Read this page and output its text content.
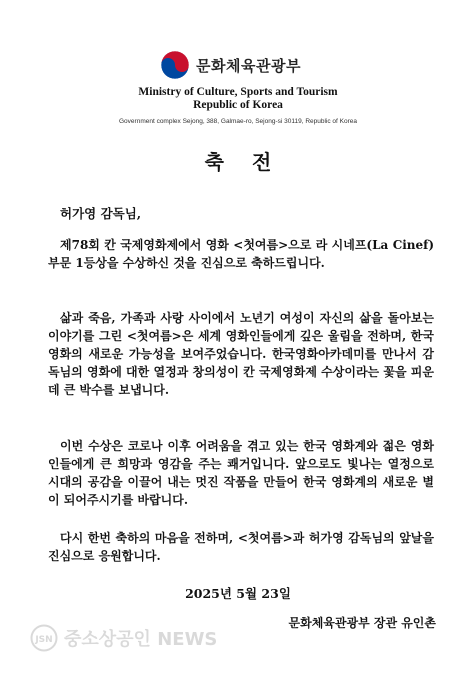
문화체육관광부
Ministry of Culture, Sports and Tourism
Republic of Korea
Government complex Sejong, 388, Galmae-ro, Sejong-si 30119, Republic of Korea
축전
허가영 감독님,

제78회 칸 국제영화제에서 영화 <첫여름>으로 라 시네프(La Cinef) 부문 1등상을 수상하신 것을 진심으로 축하드립니다.

삶과 죽음, 가족과 사랑 사이에서 노년기 여성이 자신의 삶을 돌아보는 이야기를 그린 <첫여름>은 세계 영화인들에게 깊은 울림을 전하며, 한국 영화의 새로운 가능성을 보여주었습니다. 한국영화아카데미를 만나서 감독님의 영화에 대한 열정과 창의성이 칸 국제영화제 수상이라는 꽃을 피운 데 큰 박수를 보냅니다.

이번 수상은 코로나 이후 어려움을 겪고 있는 한국 영화계와 젊은 영화인들에게 큰 희망과 영감을 주는 쾌거입니다. 앞으로도 빛나는 열정으로 시대의 공감을 이끌어 내는 멋진 작품을 만들어 한국 영화계의 새로운 별이 되어주시기를 바랍니다.

다시 한번 축하의 마음을 전하며, <첫여름>과 허가영 감독님의 앞날을 진심으로 응원합니다.

2025년 5월 23일
JSN 중소상공인 NEWS
문화체육관광부 장관 유인촌
